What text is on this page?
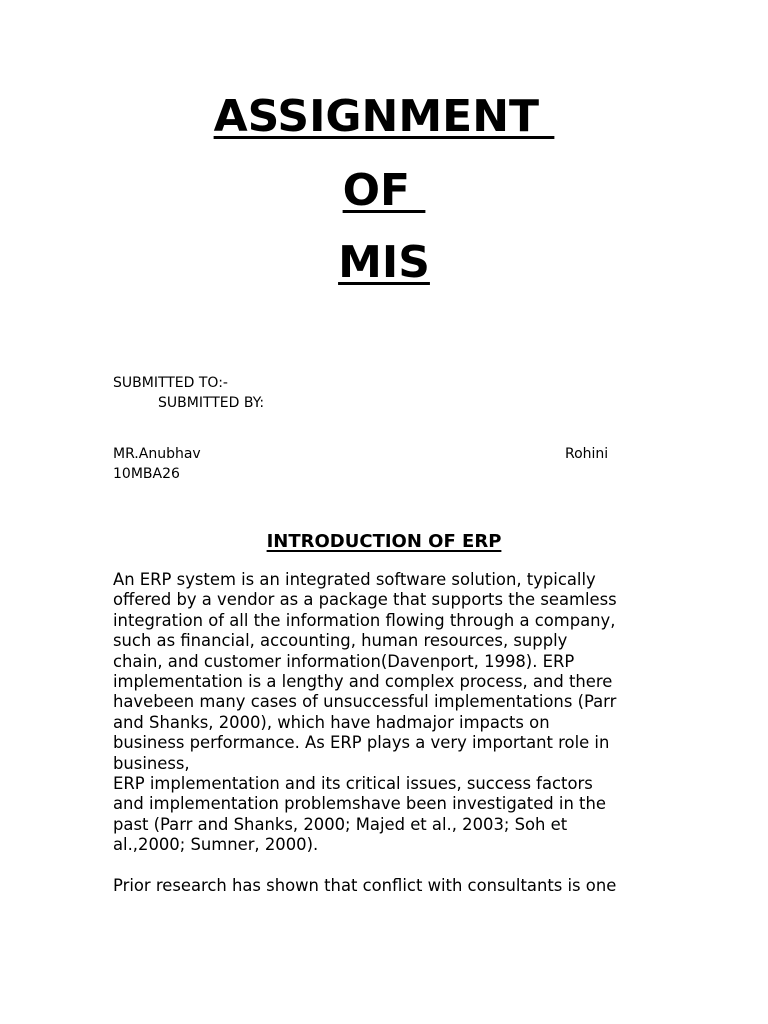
ASSIGNMENT
OF
MIS
SUBMITTED TO:-
SUBMITTED BY:
MR.Anubhav	Rohini
10MBA26
INTRODUCTION OF ERP

An ERP system is an integrated software solution, typically
offered by a vendor as a package that supports the seamless
integration of all the information flowing through a company,
such as financial, accounting, human resources, supply
chain, and customer information(Davenport, 1998). ERP
implementation is a lengthy and complex process, and there
havebeen many cases of unsuccessful implementations (Parr
and Shanks, 2000), which have hadmajor impacts on
business performance. As ERP plays a very important role in
business,
ERP implementation and its critical issues, success factors
and implementation problemshave been investigated in the
past (Parr and Shanks, 2000; Majed et al., 2003; Soh et
al.,2000; Sumner, 2000).

Prior research has shown that conflict with consultants is one
